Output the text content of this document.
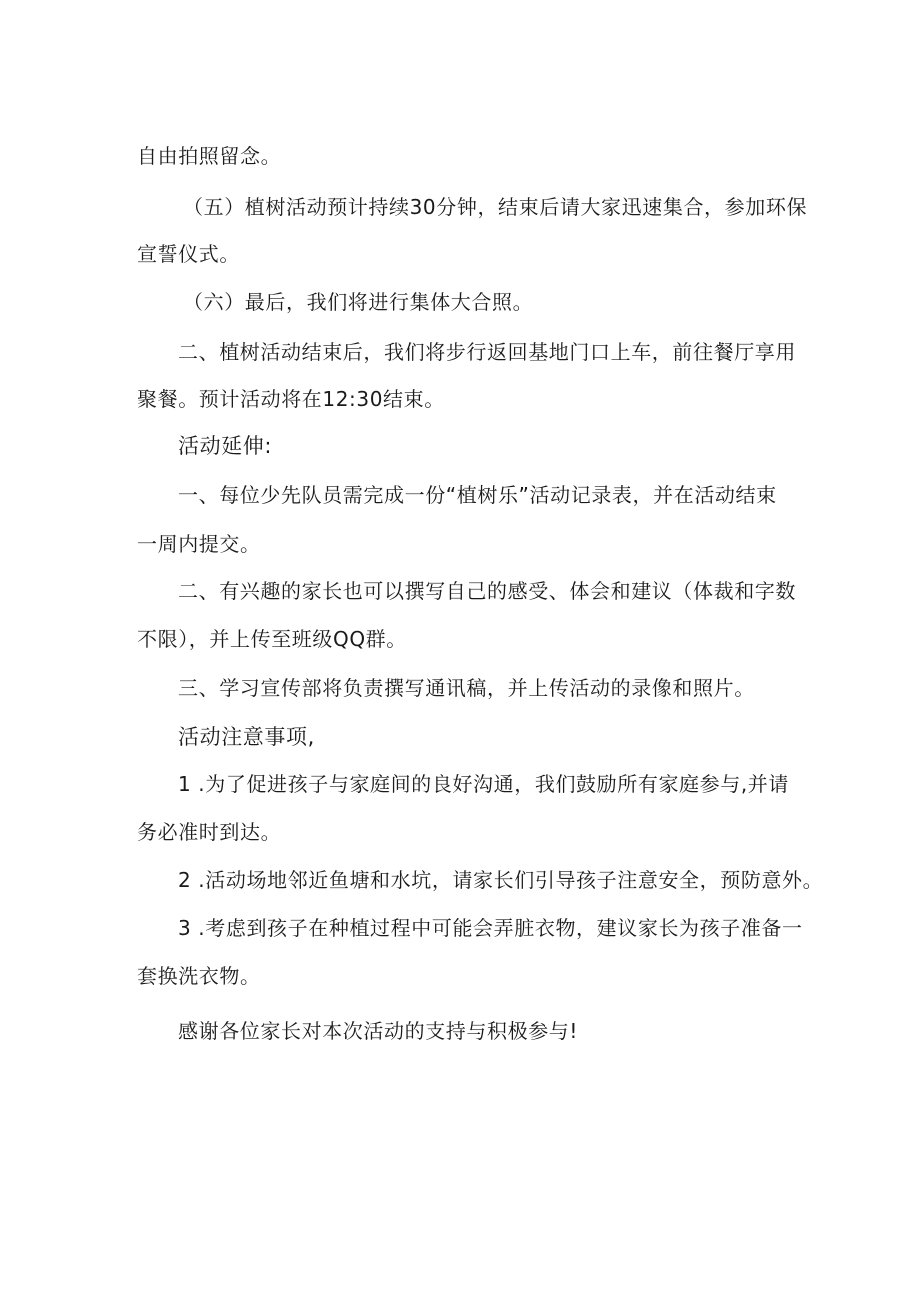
自由拍照留念。
（五）植树活动预计持续30分钟，结束后请大家迅速集合，参加环保
宣誓仪式。
（六）最后，我们将进行集体大合照。
二、植树活动结束后，我们将步行返回基地门口上车，前往餐厅享用
聚餐。预计活动将在12:30结束。
活动延伸:
一、每位少先队员需完成一份“植树乐”活动记录表，并在活动结束
一周内提交。
二、有兴趣的家长也可以撰写自己的感受、体会和建议（体裁和字数
不限），并上传至班级QQ群。
三、学习宣传部将负责撰写通讯稿，并上传活动的录像和照片。
活动注意事项,
1 .为了促进孩子与家庭间的良好沟通，我们鼓励所有家庭参与,并请
务必准时到达。
2 .活动场地邻近鱼塘和水坑，请家长们引导孩子注意安全，预防意外。
3 .考虑到孩子在种植过程中可能会弄脏衣物，建议家长为孩子准备一
套换洗衣物。
感谢各位家长对本次活动的支持与积极参与!
